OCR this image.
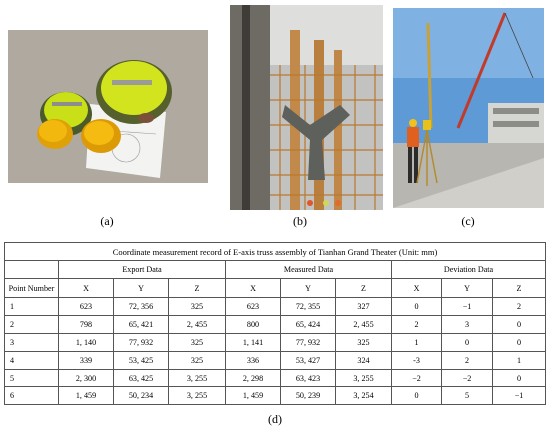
(a)	(b)	(c)
Coordinate measurement record of E-axis truss assembly of Tianhan Grand Theater (Unit: mm)									
	Export Data			Measured Data			Deviation Data		
Point Number	X	Y	Z	X	Y	Z	X	Y	Z
1	623	72, 356	325	623	72, 355	327	0	−1	2
2	798	65, 421	2, 455	800	65, 424	2, 455	2	3	0
3	1, 140	77, 932	325	1, 141	77, 932	325	1	0	0
4	339	53, 425	325	336	53, 427	324	-3	2	1
5	2, 300	63, 425	3, 255	2, 298	63, 423	3, 255	−2	−2	0
6	1, 459	50, 234	3, 255	1, 459	50, 239	3, 254	0	5	−1
(d)
